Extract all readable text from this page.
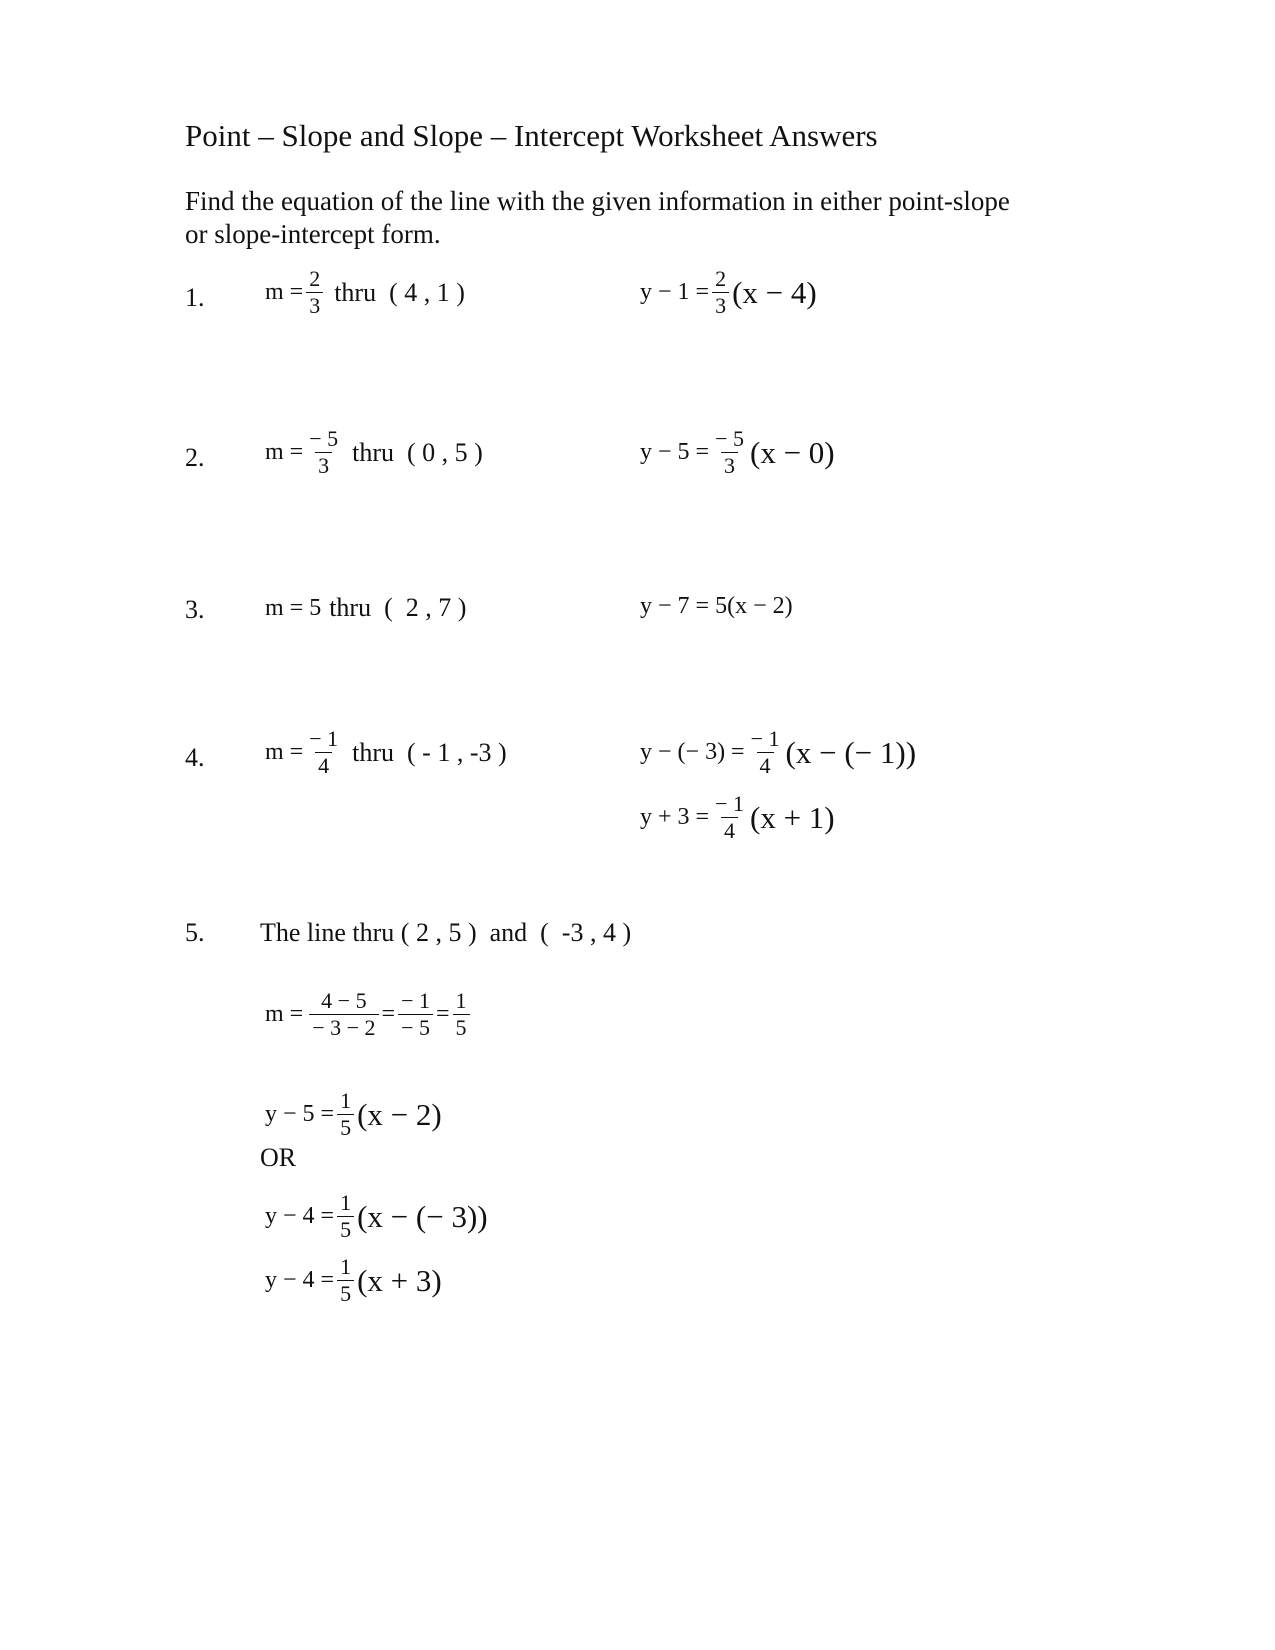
Point – Slope and Slope – Intercept Worksheet Answers
Find the equation of the line with the given information in either point-slope
or slope-intercept form.
1.	$m = \frac{2}{3}$ thru  ( 4 , 1 )	$y - 1 = \frac{2}{3} (x - 4)$
2.	$m = \frac{- 5}{3}$ thru  ( 0 , 5 )	$y - 5 = \frac{- 5}{3} (x - 0)$
3.	m = 5 thru  (  2 , 7 )	y − 7 = 5(x − 2)
4.	$m = \frac{- 1}{4}$ thru  ( - 1 , -3 )	y − (− $3) = \frac{- 1}{4} (x$ − (− 1))
$y + 3 = \frac{- 1}{4} (x + 1)$
5. The line thru ( 2 , 5 )  and  (  -3 , 4 )
$m = \frac{4 - 5}{- 3 - 2} = \frac{- 1}{- 5} = \frac{1}{5}$
$y - 5 = \frac{1}{5} (x - 2)$
OR
$y - 4 = \frac{1}{5} (x$ − (− 3))
$y - 4 = \frac{1}{5} (x + 3)$
